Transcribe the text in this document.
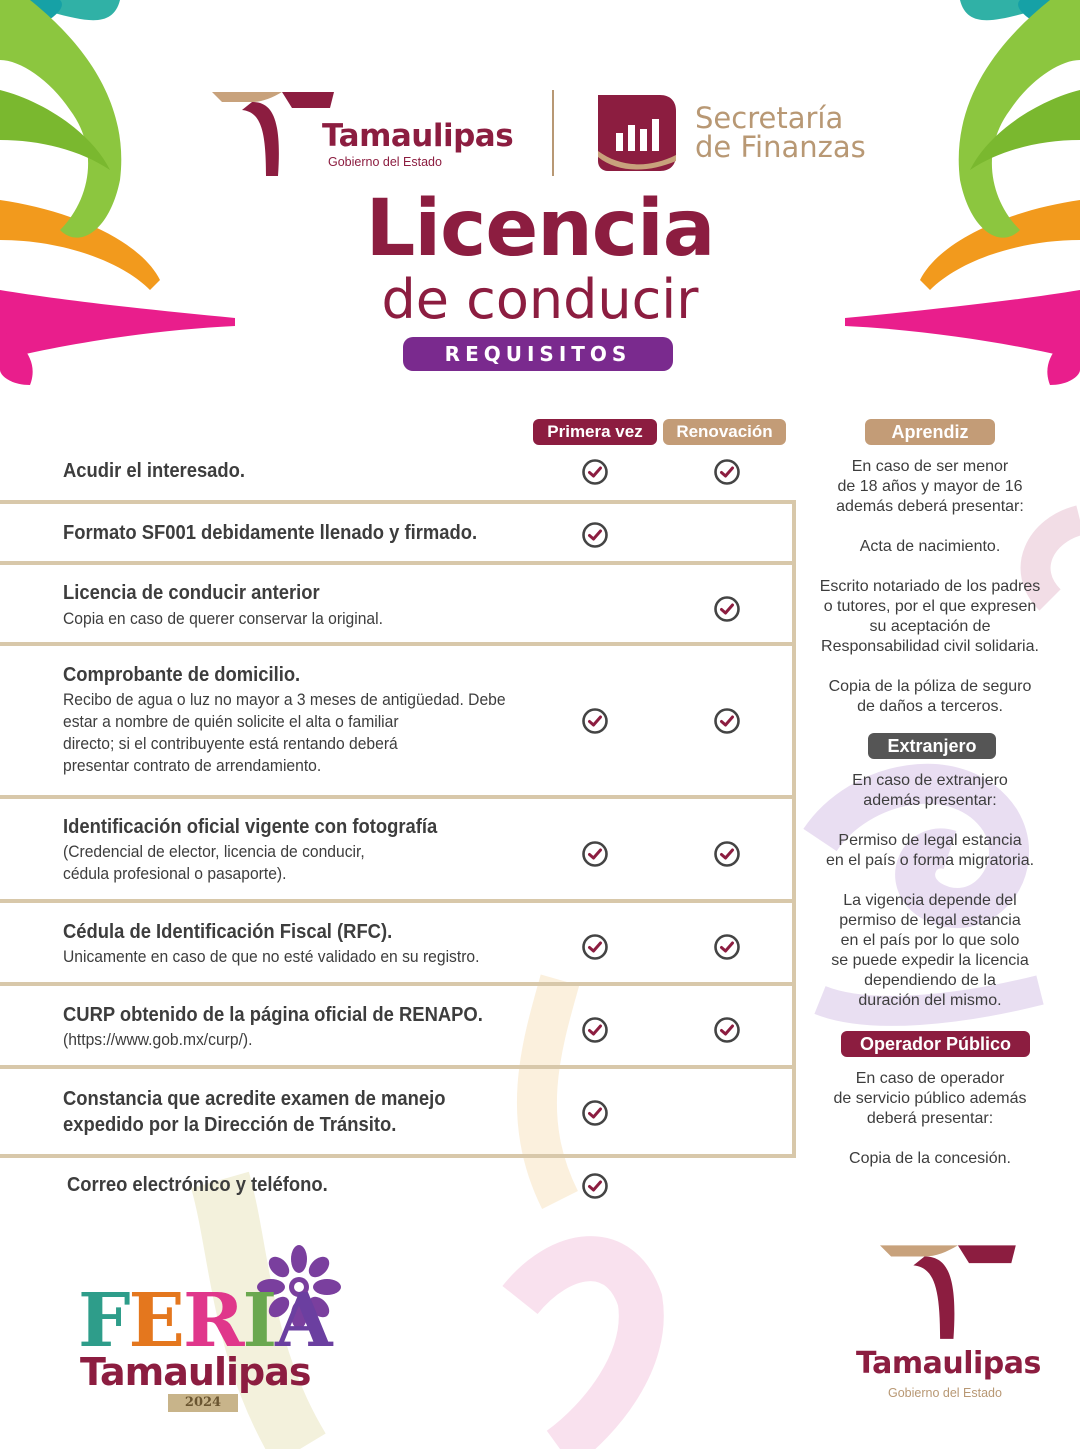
Tamaulipas
Gobierno del Estado
Secretaría
de Finanzas
Licencia
de conducir
REQUISITOS
Primera vez	Renovación
Acudir el interesado.
Formato SF001 debidamente llenado y firmado.
Licencia de conducir anterior
Copia en caso de querer conservar la original.
Comprobante de domicilio.
Recibo de agua o luz no mayor a 3 meses de antigüedad. Debe
estar a nombre de quién solicite el alta o familiar
directo; si el contribuyente está rentando deberá
presentar contrato de arrendamiento.
Identificación oficial vigente con fotografía
(Credencial de elector, licencia de conducir,
cédula profesional o pasaporte).
Cédula de Identificación Fiscal (RFC).
Unicamente en caso de que no esté validado en su registro.
CURP obtenido de la página oficial de RENAPO.
(https://www.gob.mx/curp/).
Constancia que acredite examen de manejo
expedido por la Dirección de Tránsito.
Correo electrónico y teléfono.
Aprendiz
En caso de ser menor
de 18 años y mayor de 16
además deberá presentar:
Acta de nacimiento.
Escrito notariado de los padres
o tutores, por el que expresen
su aceptación de
Responsabilidad civil solidaria.
Copia de la póliza de seguro
de daños a terceros.
Extranjero
En caso de extranjero
además presentar:
Permiso de legal estancia
en el país o forma migratoria.
La vigencia depende del
permiso de legal estancia
en el país por lo que solo
se puede expedir la licencia
dependiendo de la
duración del mismo.
Operador Público
En caso de operador
de servicio público además
deberá presentar:
Copia de la concesión.
FERIA
Tamaulipas
2024
Tamaulipas
Gobierno del Estado
